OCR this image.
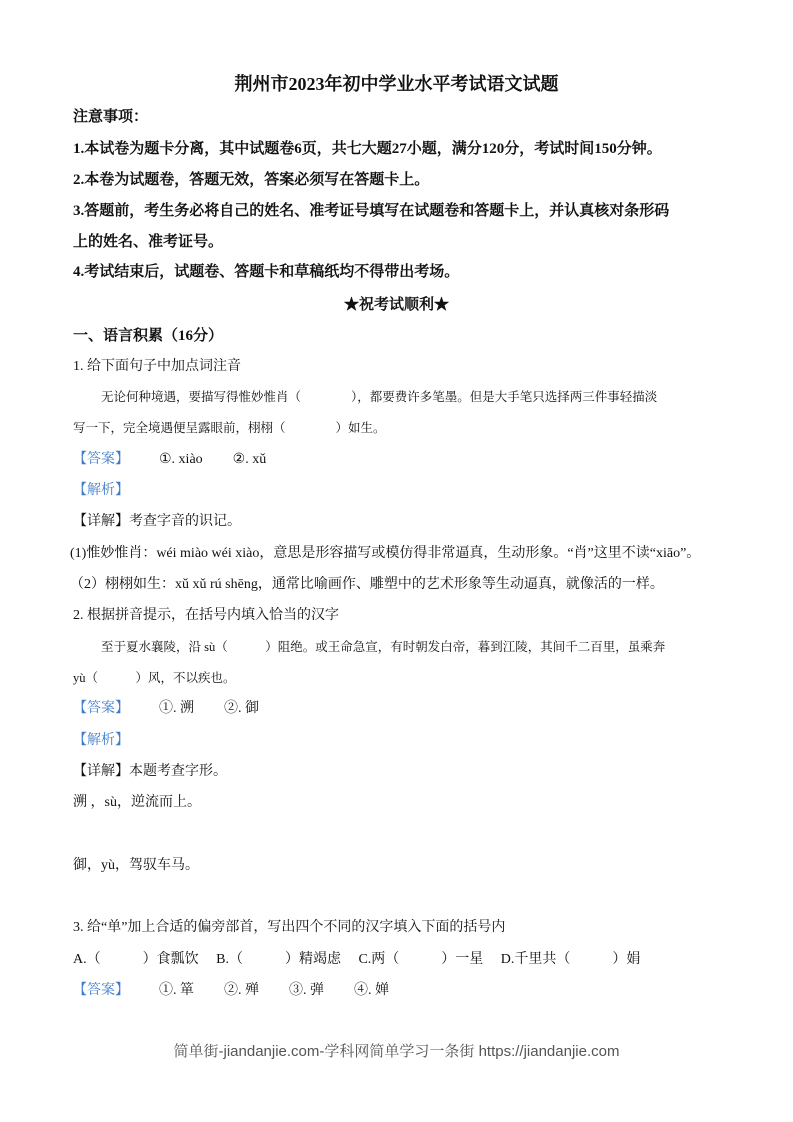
荆州市2023年初中学业水平考试语文试题
注意事项：
1.本试卷为题卡分离，其中试题卷6页，共七大题27小题，满分120分，考试时间150分钟。
2.本卷为试题卷，答题无效，答案必须写在答题卡上。
3.答题前，考生务必将自己的姓名、准考证号填写在试题卷和答题卡上，并认真核对条形码
上的姓名、准考证号。
4.考试结束后，试题卷、答题卡和草稿纸均不得带出考场。
★祝考试顺利★
一、语言积累（16分）
1. 给下面句子中加点词注音
无论何种境遇，要描写得惟妙惟肖（　　　　），都要费许多笔墨。但是大手笔只选择两三件事轻描淡
写一下，完全境遇便呈露眼前，栩栩（　　　　）如生。
【答案】 ①. xiào ②. xǔ
【解析】
【详解】考查字音的识记。
(1)惟妙惟肖：wéi miào wéi xiào，意思是形容描写或模仿得非常逼真，生动形象。“肖”这里不读“xiāo”。
（2）栩栩如生：xǔ xǔ rú shēng，通常比喻画作、雕塑中的艺术形象等生动逼真，就像活的一样。
2. 根据拼音提示，在括号内填入恰当的汉字
至于夏水襄陵，沿 sù（　　　）阻绝。或王命急宣，有时朝发白帝，暮到江陵，其间千二百里，虽乘奔
yù（　　　）风，不以疾也。
【答案】 ①. 溯 ②. 御
【解析】
【详解】本题考查字形。
溯 ，sù，逆流而上。
御，yù，驾驭车马。
3. 给“单”加上合适的偏旁部首，写出四个不同的汉字填入下面的括号内
A.（　　　）食瓢饮　 B.（　　　）精竭虑　 C.两（　　　）一星　 D.千里共（　　　）娟
【答案】 ①. 箪 ②. 殚 ③. 弹 ④. 婵
简单街-jiandanjie.com-学科网简单学习一条街 https://jiandanjie.com
